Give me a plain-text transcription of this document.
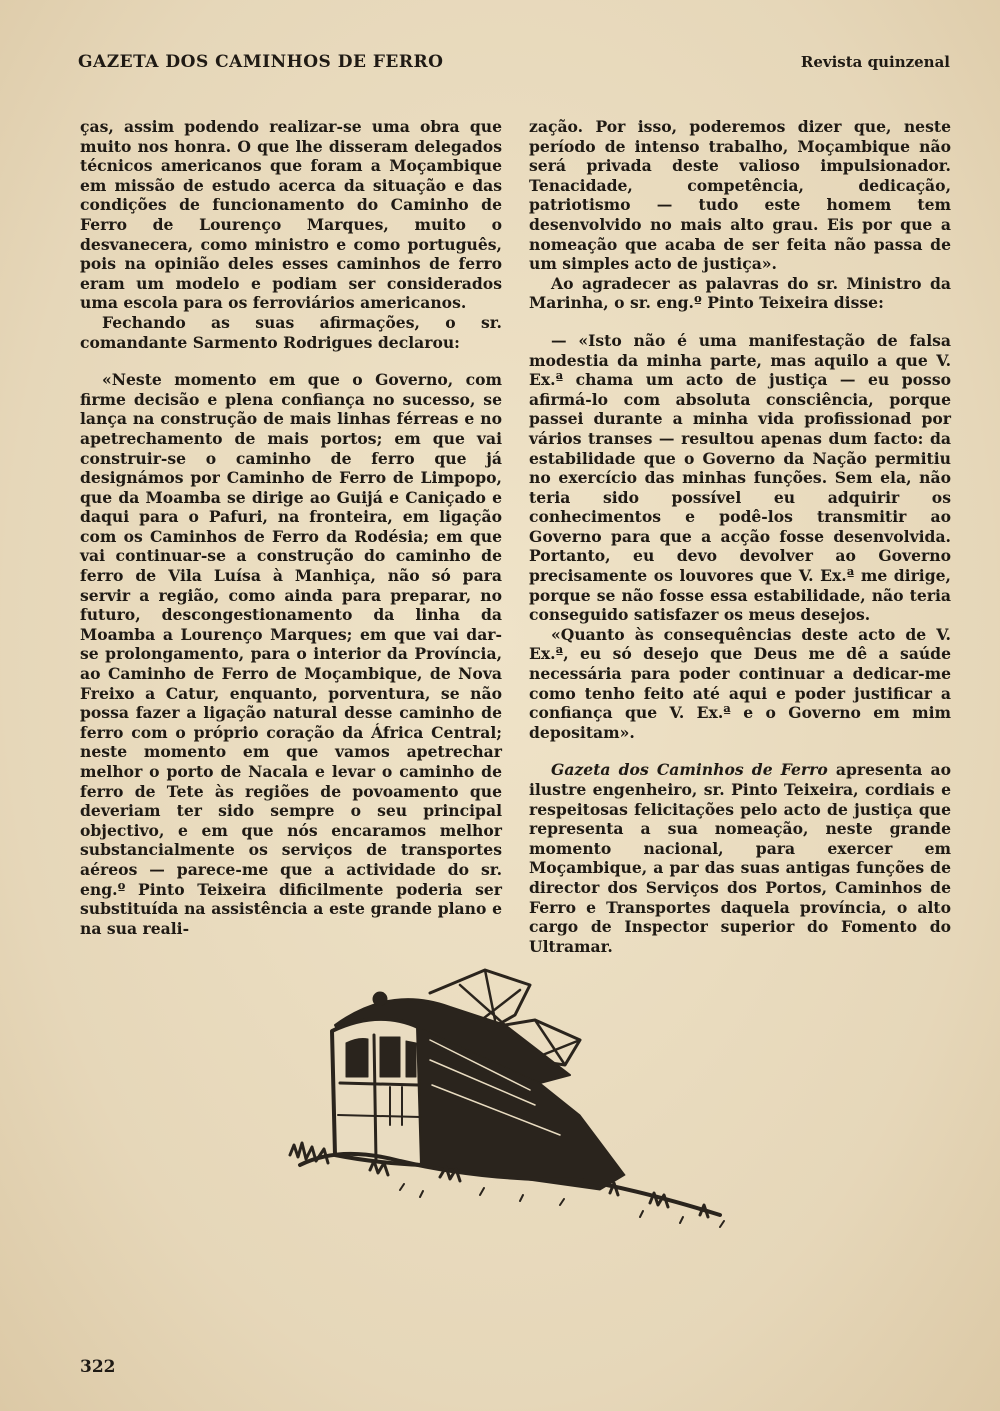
GAZETA DOS CAMINHOS DE FERRO	Revista quinzenal

ças, assim podendo realizar-se uma obra que muito nos honra. O que lhe disseram delegados técnicos americanos que foram a Moçambique em missão de estudo acerca da situação e das condições de funcionamento do Caminho de Ferro de Lourenço Marques, muito o desvanecera, como ministro e como português, pois na opinião deles esses caminhos de ferro eram um modelo e podiam ser considerados uma escola para os ferroviários americanos.

Fechando as suas afirmações, o sr. comandante Sarmento Rodrigues declarou:

«Neste momento em que o Governo, com firme decisão e plena confiança no sucesso, se lança na construção de mais linhas férreas e no apetrechamento de mais portos; em que vai construir-se o caminho de ferro que já designámos por Caminho de Ferro de Limpopo, que da Moamba se dirige ao Guijá e Caniçado e daqui para o Pafuri, na fronteira, em ligação com os Caminhos de Ferro da Rodésia; em que vai continuar-se a construção do caminho de ferro de Vila Luísa à Manhiça, não só para servir a região, como ainda para preparar, no futuro, descongestionamento da linha da Moamba a Lourenço Marques; em que vai dar-se prolongamento, para o interior da Província, ao Caminho de Ferro de Moçambique, de Nova Freixo a Catur, enquanto, porventura, se não possa fazer a ligação natural desse caminho de ferro com o próprio coração da África Central; neste momento em que vamos apetrechar melhor o porto de Nacala e levar o caminho de ferro de Tete às regiões de povoamento que deveriam ter sido sempre o seu principal objectivo, e em que nós encaramos melhor substancialmente os serviços de transportes aéreos — parece-me que a actividade do sr. eng.º Pinto Teixeira dificilmente poderia ser substituída na assistência a este grande plano e na sua reali-

zação. Por isso, poderemos dizer que, neste período de intenso trabalho, Moçambique não será privada deste valioso impulsionador. Tenacidade, competência, dedicação, patriotismo — tudo este homem tem desenvolvido no mais alto grau. Eis por que a nomeação que acaba de ser feita não passa de um simples acto de justiça».

Ao agradecer as palavras do sr. Ministro da Marinha, o sr. eng.º Pinto Teixeira disse:

— «Isto não é uma manifestação de falsa modestia da minha parte, mas aquilo a que V. Ex.ª chama um acto de justiça — eu posso afirmá-lo com absoluta consciência, porque passei durante a minha vida profissionad por vários transes — resultou apenas dum facto: da estabilidade que o Governo da Nação permitiu no exercício das minhas funções. Sem ela, não teria sido possível eu adquirir os conhecimentos e podê-los transmitir ao Governo para que a acção fosse desenvolvida. Portanto, eu devo devolver ao Governo precisamente os louvores que V. Ex.ª me dirige, porque se não fosse essa estabilidade, não teria conseguido satisfazer os meus desejos.

«Quanto às consequências deste acto de V. Ex.ª, eu só desejo que Deus me dê a saúde necessária para poder continuar a dedicar-me como tenho feito até aqui e poder justificar a confiança que V. Ex.ª e o Governo em mim depositam».

Gazeta dos Caminhos de Ferro apresenta ao ilustre engenheiro, sr. Pinto Teixeira, cordiais e respeitosas felicitações pelo acto de justiça que representa a sua nomeação, neste grande momento nacional, para exercer em Moçambique, a par das suas antigas funções de director dos Serviços dos Portos, Caminhos de Ferro e Transportes daquela província, o alto cargo de Inspector superior do Fomento do Ultramar.

322
